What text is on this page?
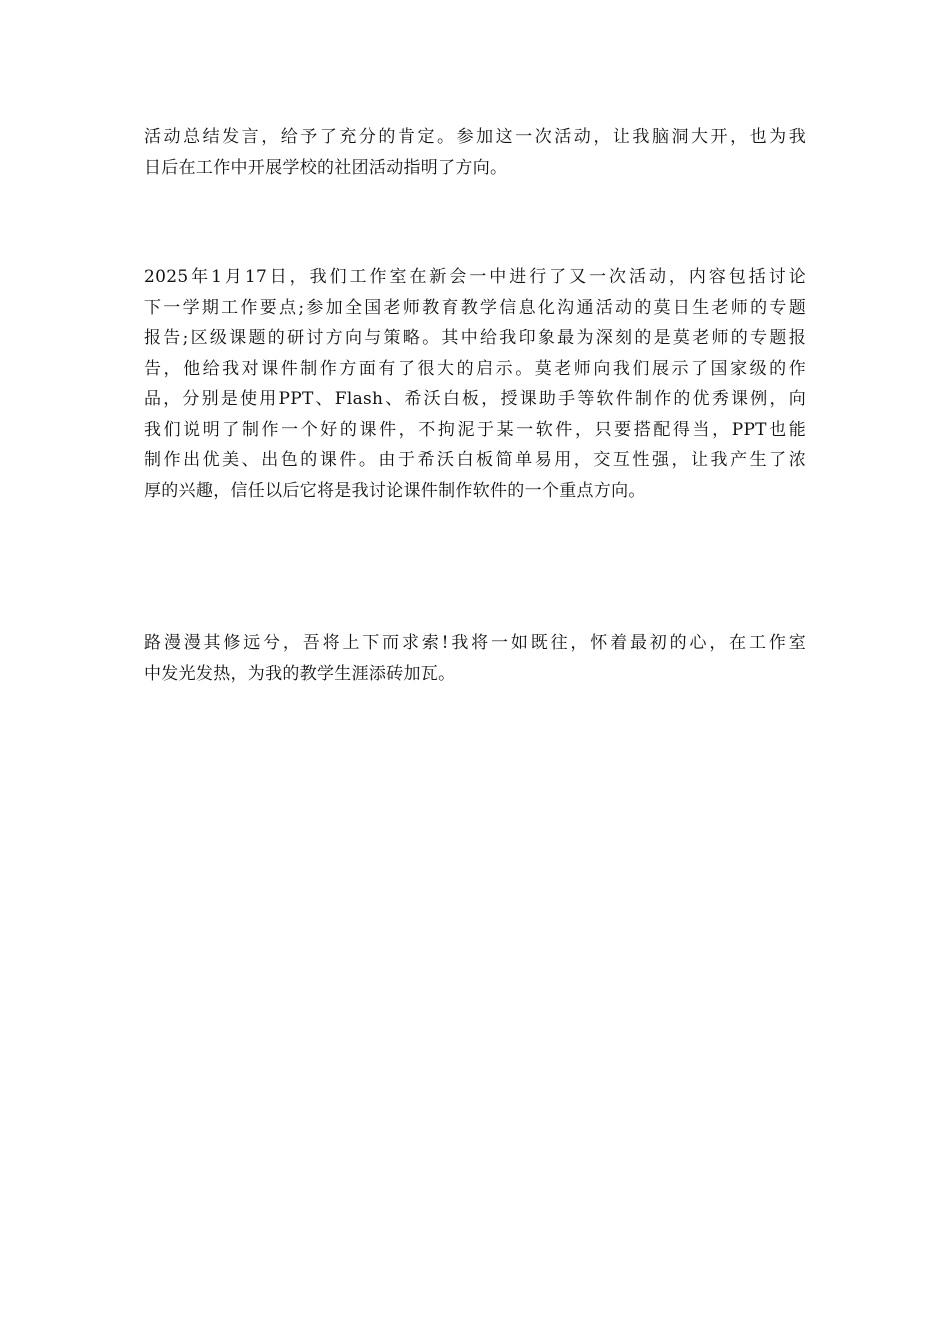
活动总结发言，给予了充分的肯定。参加这一次活动，让我脑洞大开，也为我
日后在工作中开展学校的社团活动指明了方向。

2025年1月17日，我们工作室在新会一中进行了又一次活动，内容包括讨论
下一学期工作要点;参加全国老师教育教学信息化沟通活动的莫日生老师的专题
报告;区级课题的研讨方向与策略。其中给我印象最为深刻的是莫老师的专题报
告，他给我对课件制作方面有了很大的启示。莫老师向我们展示了国家级的作
品，分别是使用PPT、Flash、希沃白板，授课助手等软件制作的优秀课例，向
我们说明了制作一个好的课件，不拘泥于某一软件，只要搭配得当，PPT也能
制作出优美、出色的课件。由于希沃白板简单易用，交互性强，让我产生了浓
厚的兴趣，信任以后它将是我讨论课件制作软件的一个重点方向。

路漫漫其修远兮，吾将上下而求索!我将一如既往，怀着最初的心，在工作室
中发光发热，为我的教学生涯添砖加瓦。
